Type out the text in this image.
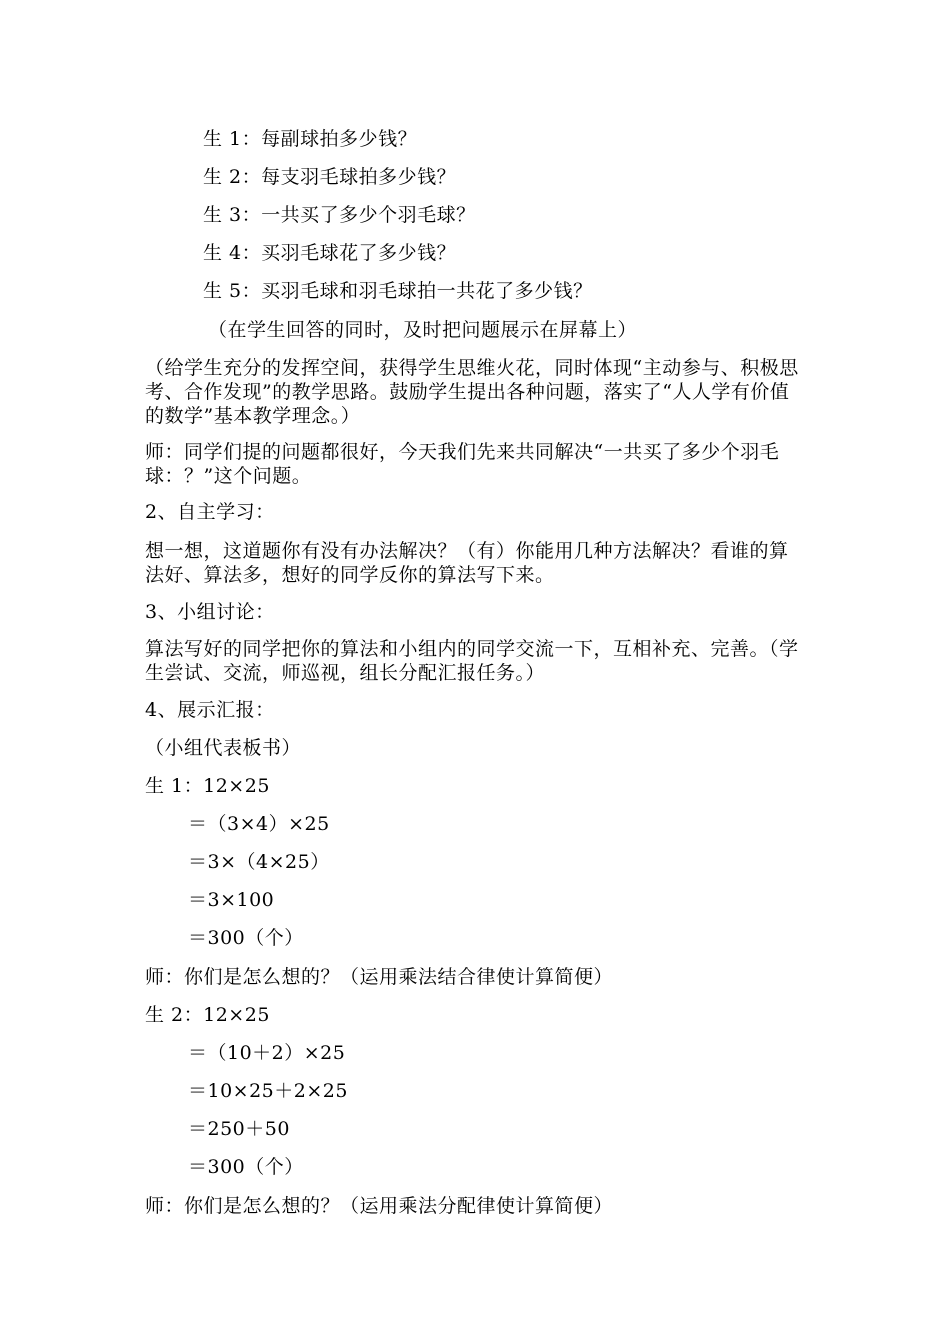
生 1：每副球拍多少钱？
生 2：每支羽毛球拍多少钱？
生 3：一共买了多少个羽毛球？
生 4：买羽毛球花了多少钱？
生 5：买羽毛球和羽毛球拍一共花了多少钱？
（在学生回答的同时，及时把问题展示在屏幕上）
（给学生充分的发挥空间，获得学生思维火花，同时体现“主动参与、积极思考、合作发现”的教学思路。鼓励学生提出各种问题，落实了“人人学有价值的数学”基本教学理念。）
师：同学们提的问题都很好，今天我们先来共同解决“一共买了多少个羽毛球：？”这个问题。
2、自主学习：
想一想，这道题你有没有办法解决？（有）你能用几种方法解决？看谁的算法好、算法多，想好的同学反你的算法写下来。
3、小组讨论：
算法写好的同学把你的算法和小组内的同学交流一下，互相补充、完善。（学生尝试、交流，师巡视，组长分配汇报任务。）
4、展示汇报：
（小组代表板书）
生 1：12×25
＝（3×4）×25
＝3×（4×25）
＝3×100
＝300（个）
师：你们是怎么想的？（运用乘法结合律使计算简便）
生 2：12×25
＝（10＋2）×25
＝10×25＋2×25
＝250＋50
＝300（个）
师：你们是怎么想的？（运用乘法分配律使计算简便）
